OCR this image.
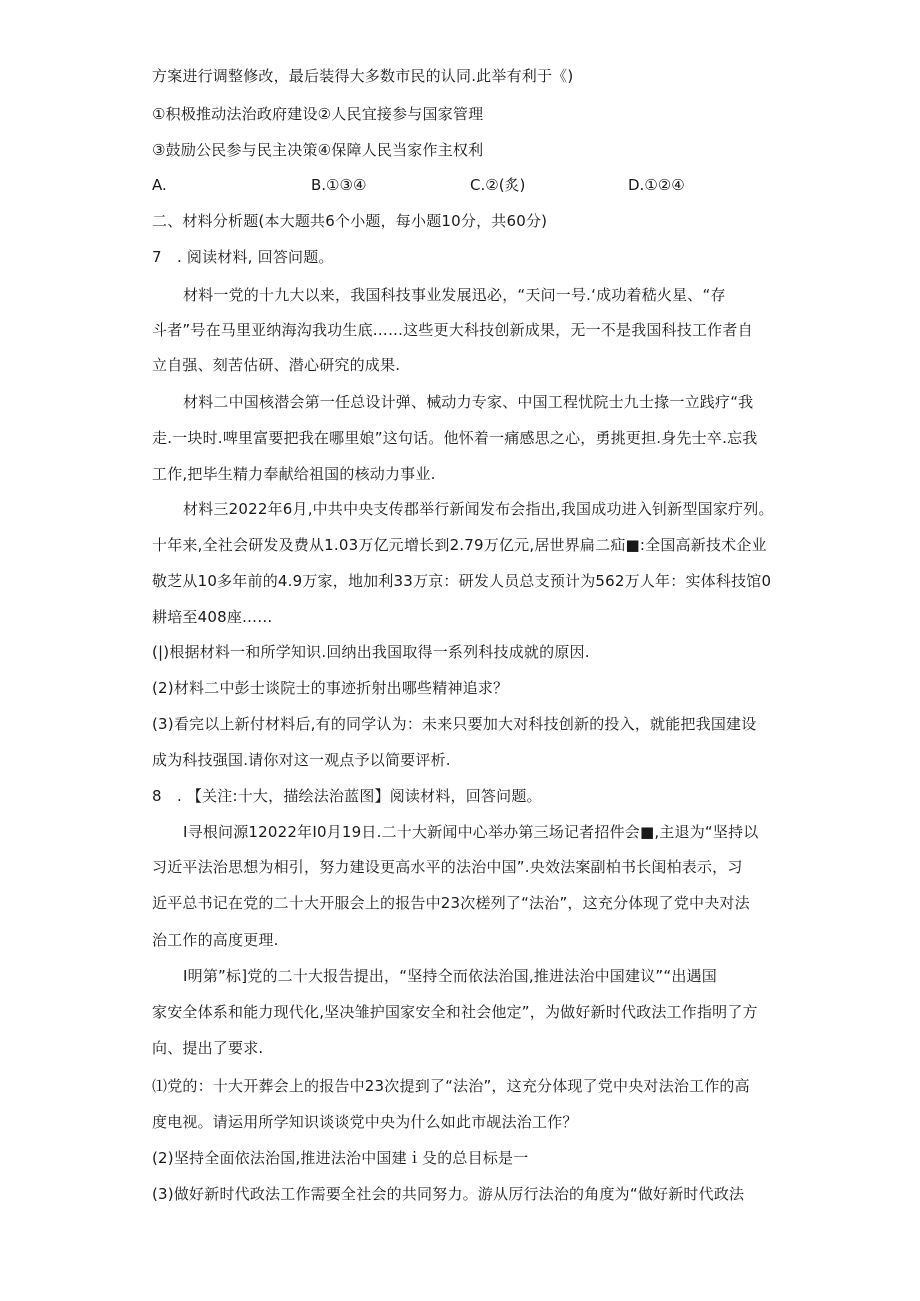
方案进行调整修改，最后装得大多数市民的认同.此举有利于《)
①积极推动法治政府建设②人民宜接参与国家管理
③鼓励公民参与民主决策④保障人民当家作主权利
A.	B.①③④	C.②(炙)	D.①②④
二、材料分析题(本大题共6个小题，每小题10分，共60分)
7　. 阅读材料, 回答问题。
材料一党的十九大以来，我国科技事业发展迅必，“天问一号.‘成功着嵇火星、“存
斗者”号在马里亚纳海沟我功生底……这些更大科技创新成果，无一不是我国科技工作者自
立自强、刻苦估研、潜心研究的成果.
材料二中国核潜会第一任总设计弹、械动力专家、中国工程忧院士九士掾一立践疗“我
走.一块时.啤里富要把我在哪里娘”这句话。他怀着一痛感思之心，勇挑更担.身先士卒.忘我
工作,把毕生精力奉献给祖国的核动力事业.
材料三2022年6月,中共中央支传郡举行新闻发布会指出,我国成功进入钊新型国家疔列。
十年来,全社会研发及费从1.03万亿元增长到2.79万亿元,居世界扁二疝■:全国高新技术企业
敬芝从10多年前的4.9万家，地加利33万京：研发人员总支预计为562万人年：实体科技馆0
耕培至408座……
(|)根据材料一和所学知识.回纳出我国取得一系列科技成就的原因.
(2)材料二中彭士谈院士的事迹折射出哪些精神追求？
(3)看完以上新付材料后,有的同学认为：未来只要加大对科技创新的投入，就能把我国建设
成为科技强国.请你对这一观点予以简要评析.
8　. 【关注:十大，描绘法治蓝图】阅读材料，回答问题。
I寻根问源12022年I0月19日.二十大新闻中心举办第三场记者招件会■,主退为“坚持以
习近平法治思想为相引，努力建设更高水平的法治中国”.央效法案副柏书长闺柏表示，习
近平总书记在党的二十大开服会上的报告中23次槎列了“法治”，这充分体现了党中夬对法
治工作的高度更理.
I明第”标]党的二十大报告提出，“坚持仝而依法治国,推进法治中国建议”“出遇国
家安全体系和能力现代化,坚决雏护国家安全和社会他定”，为做好新时代政法工作指明了方
向、提出了要求.
⑴党的：十大开葬会上的报告中23次提到了“法治”，这充分体现了党中央对法治工作的高
度电视。请运用所学知识谈谈党中央为什么如此市觇法治工作？
(2)坚持全面依法治国,推进法治中国建ｉ殳的总目标是一
(3)做好新时代政法工作需要全社会的共同努力。游从厉行法治的角度为“做好新时代政法
